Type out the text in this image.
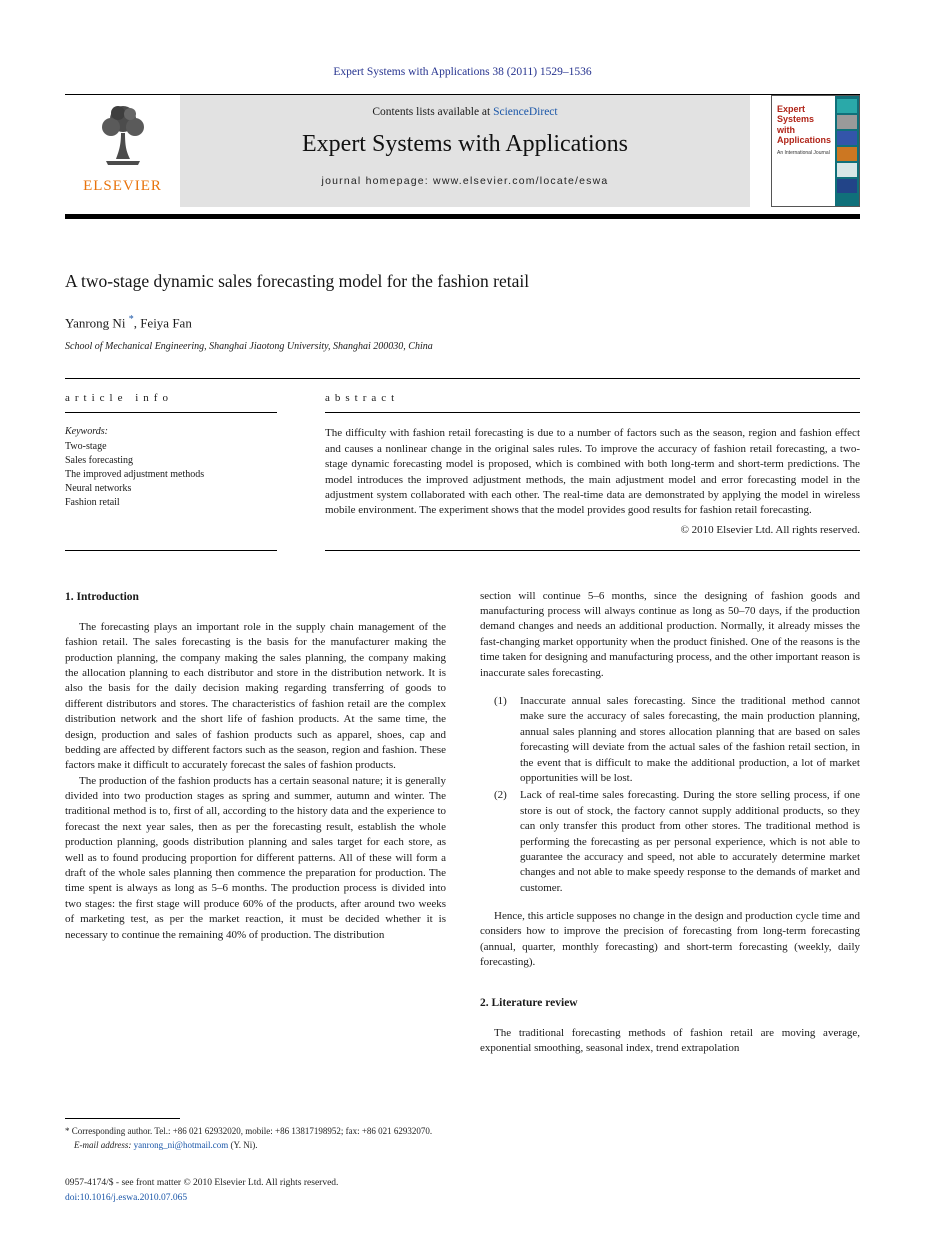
Expert Systems with Applications 38 (2011) 1529–1536
ELSEVIER
Contents lists available at ScienceDirect
Expert Systems with Applications
journal homepage: www.elsevier.com/locate/eswa
Expert Systems with Applications
An International Journal
A two-stage dynamic sales forecasting model for the fashion retail
Yanrong Ni *, Feiya Fan
School of Mechanical Engineering, Shanghai Jiaotong University, Shanghai 200030, China
article info
Keywords:
Two-stage
Sales forecasting
The improved adjustment methods
Neural networks
Fashion retail
abstract
The difficulty with fashion retail forecasting is due to a number of factors such as the season, region and fashion effect and causes a nonlinear change in the original sales rules. To improve the accuracy of fashion retail forecasting, a two-stage dynamic forecasting model is proposed, which is combined with both long-term and short-term predictions. The model introduces the improved adjustment methods, the main adjustment model and error forecasting model in the adjustment system collaborated with each other. The real-time data are demonstrated by applying the model in wireless mobile environment. The experiment shows that the model provides good results for fashion retail forecasting.
© 2010 Elsevier Ltd. All rights reserved.
1. Introduction
The forecasting plays an important role in the supply chain management of the fashion retail. The sales forecasting is the basis for the manufacturer making the production planning, the company making the sales planning, the company making the allocation planning to each distributor and store in the distribution network. It is also the basis for the daily decision making regarding transferring of goods to different distributors and stores. The characteristics of fashion retail are the complex distribution network and the short life of fashion products. At the same time, the design, production and sales of fashion products such as apparel, shoes, cap and bedding are affected by different factors such as the season, region and fashion. These factors make it difficult to accurately forecast the sales of fashion products.
The production of the fashion products has a certain seasonal nature; it is generally divided into two production stages as spring and summer, autumn and winter. The traditional method is to, first of all, according to the history data and the experience to forecast the next year sales, then as per the forecasting result, establish the whole production planning, goods distribution planning and sales target for each store, as well as to found producing proportion for different patterns. All of these will form a draft of the whole sales planning then commence the preparation for production. The time spent is always as long as 5–6 months. The production process is divided into two stages: the first stage will produce 60% of the products, after around two weeks of marketing test, as per the market reaction, it must be decided whether it is necessary to continue the remaining 40% of production. The distribution
section will continue 5–6 months, since the designing of fashion goods and manufacturing process will always continue as long as 50–70 days, if the production demand changes and needs an additional production. Normally, it already misses the fast-changing market opportunity when the product finished. One of the reasons is the time taken for designing and manufacturing process, and the other important reason is inaccurate sales forecasting.
(1)	Inaccurate annual sales forecasting. Since the traditional method cannot make sure the accuracy of sales forecasting, the main production planning, annual sales planning and stores allocation planning that are based on sales forecasting will deviate from the actual sales of the fashion retail section, in the event that is difficult to make the additional production, a lot of market opportunities will be lost.
(2)	Lack of real-time sales forecasting. During the store selling process, if one store is out of stock, the factory cannot supply additional products, so they can only transfer this product from other stores. The traditional method is performing the forecasting as per personal experience, which is not able to guarantee the accuracy and speed, not able to accurately determine market changes and not able to make speedy response to the demands of market and customer.
Hence, this article supposes no change in the design and production cycle time and considers how to improve the precision of forecasting from long-term forecasting (annual, quarter, monthly forecasting) and short-term forecasting (weekly, daily forecasting).
2. Literature review
The traditional forecasting methods of fashion retail are moving average, exponential smoothing, seasonal index, trend extrapolation
* Corresponding author. Tel.: +86 021 62932020, mobile: +86 13817198952; fax: +86 021 62932070.
E-mail address: yanrong_ni@hotmail.com (Y. Ni).
0957-4174/$ - see front matter © 2010 Elsevier Ltd. All rights reserved.
doi:10.1016/j.eswa.2010.07.065
